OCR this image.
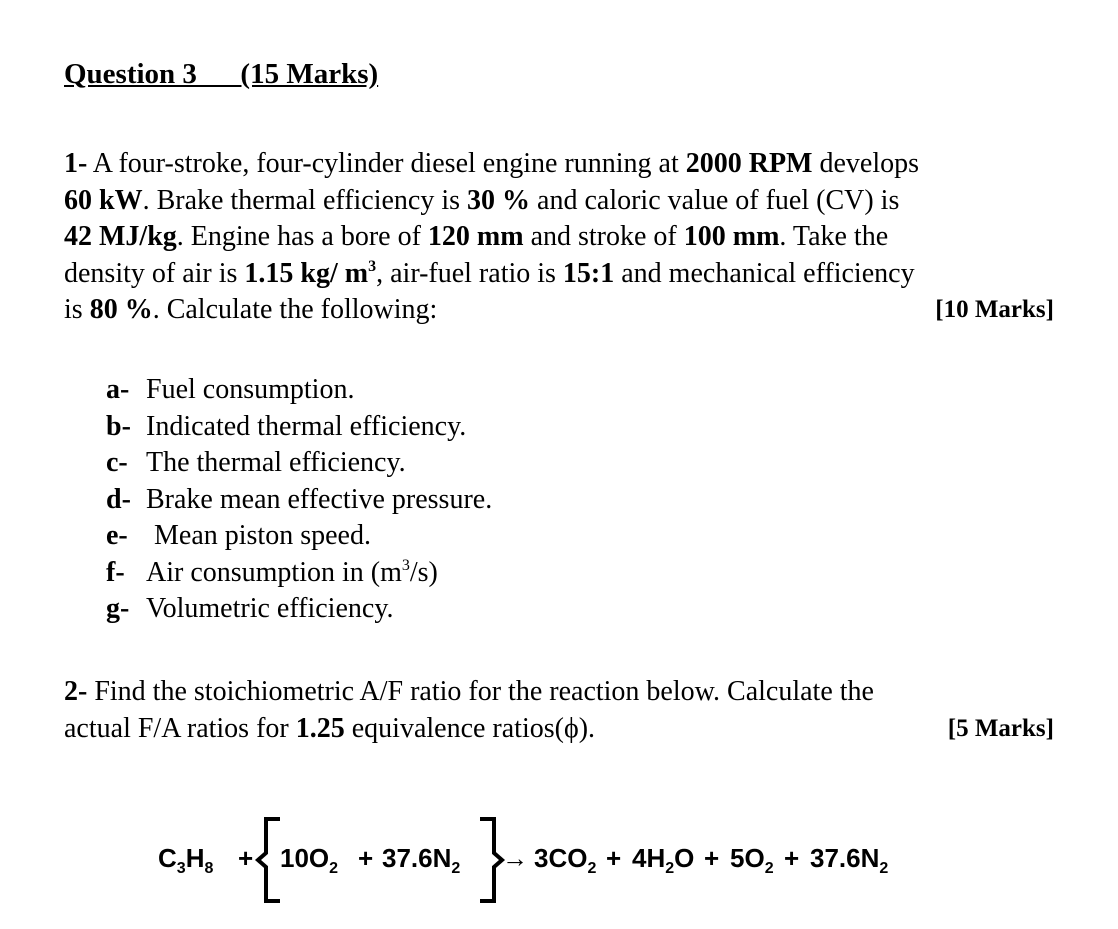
Question 3      (15 Marks)

1- A four-stroke, four-cylinder diesel engine running at 2000 RPM develops
60 kW. Brake thermal efficiency is 30 % and caloric value of fuel (CV) is
42 MJ/kg. Engine has a bore of 120 mm and stroke of 100 mm. Take the
density of air is 1.15 kg/ $m^3$, air-fuel ratio is 15:1 and mechanical efficiency
is 80 %. Calculate the following:	[10 Marks]
a- Fuel consumption.
b- Indicated thermal efficiency.
c- The thermal efficiency.
d- Brake mean effective pressure.
e- Mean piston speed.
f- Air consumption in $(m^3/s)$
g- Volumetric efficiency.
2- Find the stoichiometric A/F ratio for the reaction below. Calculate the
actual F/A ratios for 1.25 equivalence ratios(ϕ).	[5 Marks]
$C_3H_8 + 10O_2 + 37.6N_2 \to 3CO_2 + 4H_2O + 5O_2 + 37.6N_2$
